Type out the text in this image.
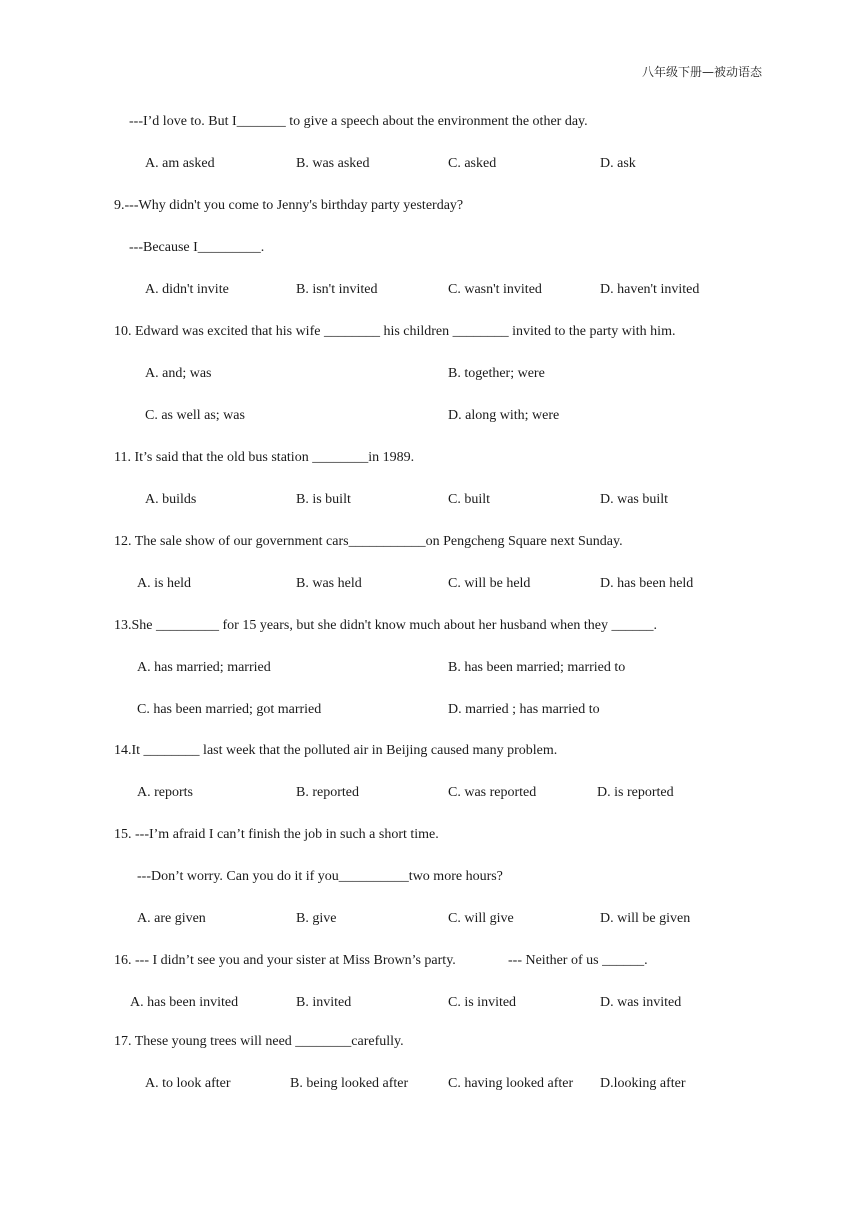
八年级下册—被动语态
---I’d love to. But I_______ to give a speech about the environment the other day.
A. am asked	B. was asked	C. asked	D. ask
9.---Why didn't you come to Jenny's birthday party yesterday?
---Because I_________.
A. didn't invite	B. isn't invited	C. wasn't invited	D. haven't invited
10. Edward was excited that his wife ________ his children ________ invited to the party with him.
A. and; was	B. together; were
C. as well as; was	D. along with; were
11. It’s said that the old bus station ________in 1989.
A. builds	B. is built	C. built	D. was built
12. The sale show of our government cars___________on Pengcheng Square next Sunday.
A. is held	B. was held	C. will be held	D. has been held
13.She _________ for 15 years, but she didn't know much about her husband when they ______.
A. has married; married	B. has been married; married to
C. has been married; got married	D. married ; has married to
14.It ________ last week that the polluted air in Beijing caused many problem.
A. reports	B. reported	C. was reported	D. is reported
15. ---I’m afraid I can’t finish the job in such a short time.
---Don’t worry. Can you do it if you__________two more hours?
A. are given	B. give	C. will give	D. will be given
16. --- I didn’t see you and your sister at Miss Brown’s party.	--- Neither of us ______.
A. has been invited	B. invited	C. is invited	D. was invited
17. These young trees will need ________carefully.
A. to look after	B. being looked after	C. having looked after D.looking after
